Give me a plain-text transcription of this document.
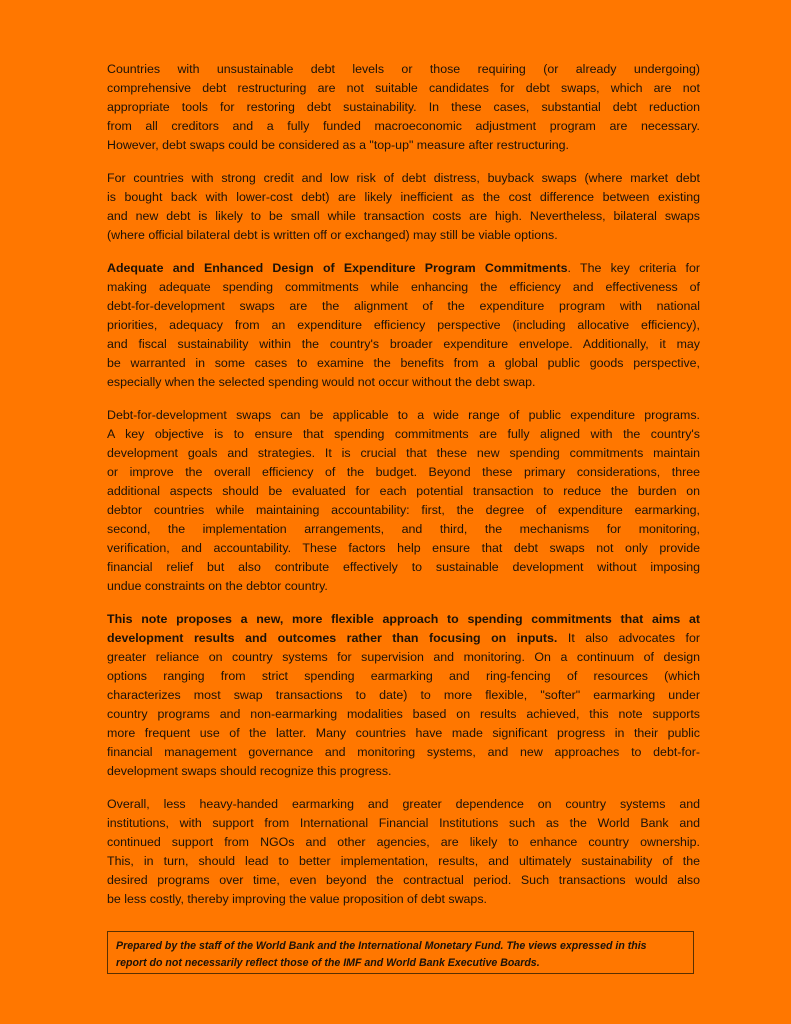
Countries with unsustainable debt levels or those requiring (or already undergoing)
comprehensive debt restructuring are not suitable candidates for debt swaps, which are not
appropriate tools for restoring debt sustainability. In these cases, substantial debt reduction
from all creditors and a fully funded macroeconomic adjustment program are necessary.
However, debt swaps could be considered as a "top-up" measure after restructuring.
For countries with strong credit and low risk of debt distress, buyback swaps (where market debt
is bought back with lower-cost debt) are likely inefficient as the cost difference between existing
and new debt is likely to be small while transaction costs are high. Nevertheless, bilateral swaps
(where official bilateral debt is written off or exchanged) may still be viable options.
Adequate and Enhanced Design of Expenditure Program Commitments. The key criteria for
making adequate spending commitments while enhancing the efficiency and effectiveness of
debt-for-development swaps are the alignment of the expenditure program with national
priorities, adequacy from an expenditure efficiency perspective (including allocative efficiency),
and fiscal sustainability within the country's broader expenditure envelope. Additionally, it may
be warranted in some cases to examine the benefits from a global public goods perspective,
especially when the selected spending would not occur without the debt swap.
Debt-for-development swaps can be applicable to a wide range of public expenditure programs.
A key objective is to ensure that spending commitments are fully aligned with the country's
development goals and strategies. It is crucial that these new spending commitments maintain
or improve the overall efficiency of the budget. Beyond these primary considerations, three
additional aspects should be evaluated for each potential transaction to reduce the burden on
debtor countries while maintaining accountability: first, the degree of expenditure earmarking,
second, the implementation arrangements, and third, the mechanisms for monitoring,
verification, and accountability. These factors help ensure that debt swaps not only provide
financial relief but also contribute effectively to sustainable development without imposing
undue constraints on the debtor country.
This note proposes a new, more flexible approach to spending commitments that aims at
development results and outcomes rather than focusing on inputs. It also advocates for
greater reliance on country systems for supervision and monitoring. On a continuum of design
options ranging from strict spending earmarking and ring-fencing of resources (which
characterizes most swap transactions to date) to more flexible, "softer" earmarking under
country programs and non-earmarking modalities based on results achieved, this note supports
more frequent use of the latter. Many countries have made significant progress in their public
financial management governance and monitoring systems, and new approaches to debt-for-
development swaps should recognize this progress.
Overall, less heavy-handed earmarking and greater dependence on country systems and
institutions, with support from International Financial Institutions such as the World Bank and
continued support from NGOs and other agencies, are likely to enhance country ownership.
This, in turn, should lead to better implementation, results, and ultimately sustainability of the
desired programs over time, even beyond the contractual period. Such transactions would also
be less costly, thereby improving the value proposition of debt swaps.
Prepared by the staff of the World Bank and the International Monetary Fund. The views expressed in this
report do not necessarily reflect those of the IMF and World Bank Executive Boards.
